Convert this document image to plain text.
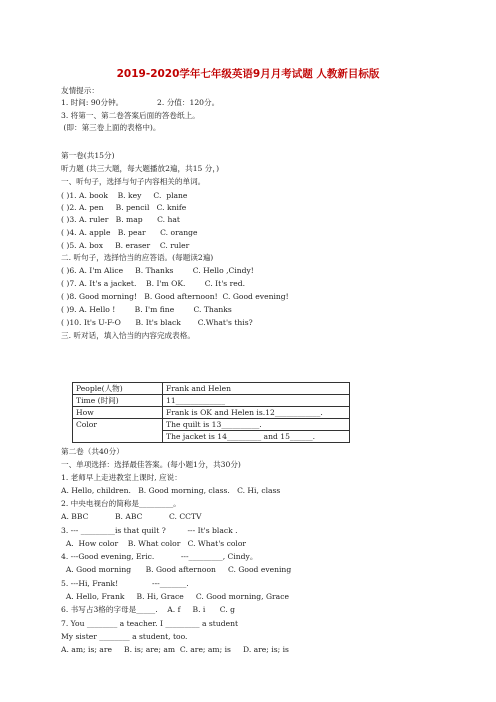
2019-2020学年七年级英语9月月考试题 人教新目标版
友情提示：
1. 时间: 90分钟。              2. 分值：120分。
3. 将第一、第二卷答案后面的答卷纸上。
(即：第三卷上面的表格中)。
第一卷(共15分)
听力题 (共三大题，每大题播放2遍，共15 分，)
一、听句子，选择与句子内容相关的单词。
( )1. A. book    B. key     C.  plane
( )2. A. pen     B. pencil   C. knife
( )3. A. ruler   B. map      C. hat
( )4. A. apple   B. pear      C. orange
( )5. A. box     B. eraser    C. ruler
二. 听句子，选择恰当的应答语。(每题读2遍)
( )6. A. I'm Alice     B. Thanks        C. Hello ,Cindy!
( )7. A. It's a jacket.    B. I'm OK.        C. It's red.
( )8. Good morning!   B. Good afternoon!  C. Good evening!
( )9. A. Hello !        B. I'm fine        C. Thanks
( )10. It's U-F-O      B. It's black       C.What's this?
三. 听对话，填入恰当的内容完成表格。
People(人物)	Frank and Helen
Time (时间)	11_____________
How	Frank is OK and Helen is.12____________.
Color	The quilt is 13__________.
	The jacket is 14_________ and 15______.
第二卷（共40分）
一、单项选择：选择最佳答案。(每小题1分，共30分)
1. 老师早上走进教室上课时, 应说：
A. Hello, children.   B. Good morning, class.   C. Hi, class
2. 中央电视台的简称是_________。
A. BBC           B. ABC           C. CCTV
3. --- _________is that quilt ?         --- It's black .
A.  How color    B. What color   C. What's color
4. ---Good evening, Eric.           ---_________, Cindy。
A. Good morning      B. Good afternoon     C. Good evening
5. ---Hi, Frank!              ---_______.
A. Hello, Frank     B. Hi, Grace     C. Good morning, Grace
6. 书写占3格的字母是_____.    A. f     B. i      C. g
7. You ________ a teacher. I _________ a student
My sister ________ a student, too.
A. am; is; are     B. is; are; am  C. are; am; is     D. are; is; is
